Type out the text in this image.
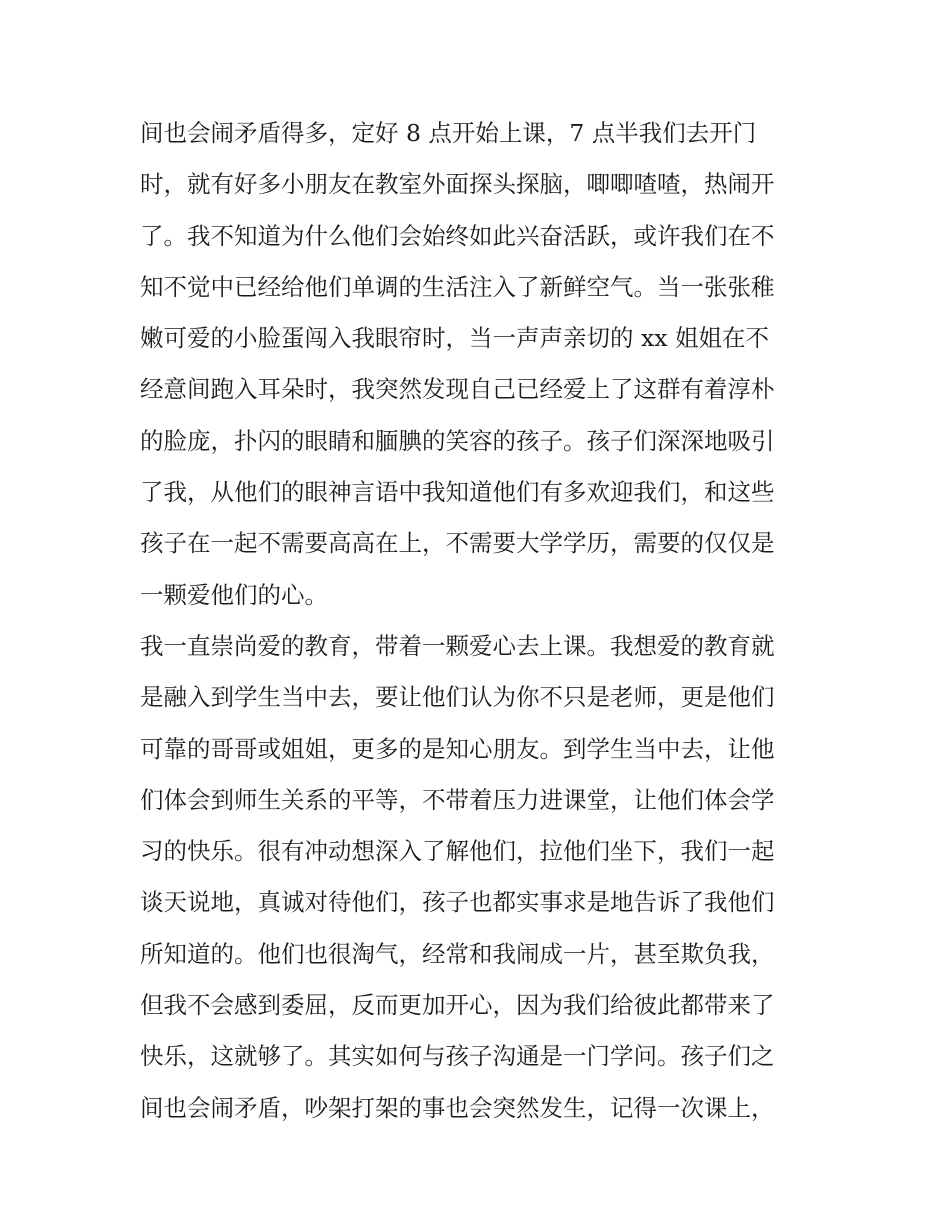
间也会闹矛盾得多，定好 8 点开始上课，7 点半我们去开门
时，就有好多小朋友在教室外面探头探脑，唧唧喳喳，热闹开
了。我不知道为什么他们会始终如此兴奋活跃，或许我们在不
知不觉中已经给他们单调的生活注入了新鲜空气。当一张张稚
嫩可爱的小脸蛋闯入我眼帘时，当一声声亲切的 xx 姐姐在不
经意间跑入耳朵时，我突然发现自己已经爱上了这群有着淳朴
的脸庞，扑闪的眼睛和腼腆的笑容的孩子。孩子们深深地吸引
了我，从他们的眼神言语中我知道他们有多欢迎我们，和这些
孩子在一起不需要高高在上，不需要大学学历，需要的仅仅是
一颗爱他们的心。
我一直崇尚爱的教育，带着一颗爱心去上课。我想爱的教育就
是融入到学生当中去，要让他们认为你不只是老师，更是他们
可靠的哥哥或姐姐，更多的是知心朋友。到学生当中去，让他
们体会到师生关系的平等，不带着压力进课堂，让他们体会学
习的快乐。很有冲动想深入了解他们，拉他们坐下，我们一起
谈天说地，真诚对待他们，孩子也都实事求是地告诉了我他们
所知道的。他们也很淘气，经常和我闹成一片，甚至欺负我，
但我不会感到委屈，反而更加开心，因为我们给彼此都带来了
快乐，这就够了。其实如何与孩子沟通是一门学问。孩子们之
间也会闹矛盾，吵架打架的事也会突然发生，记得一次课上，
